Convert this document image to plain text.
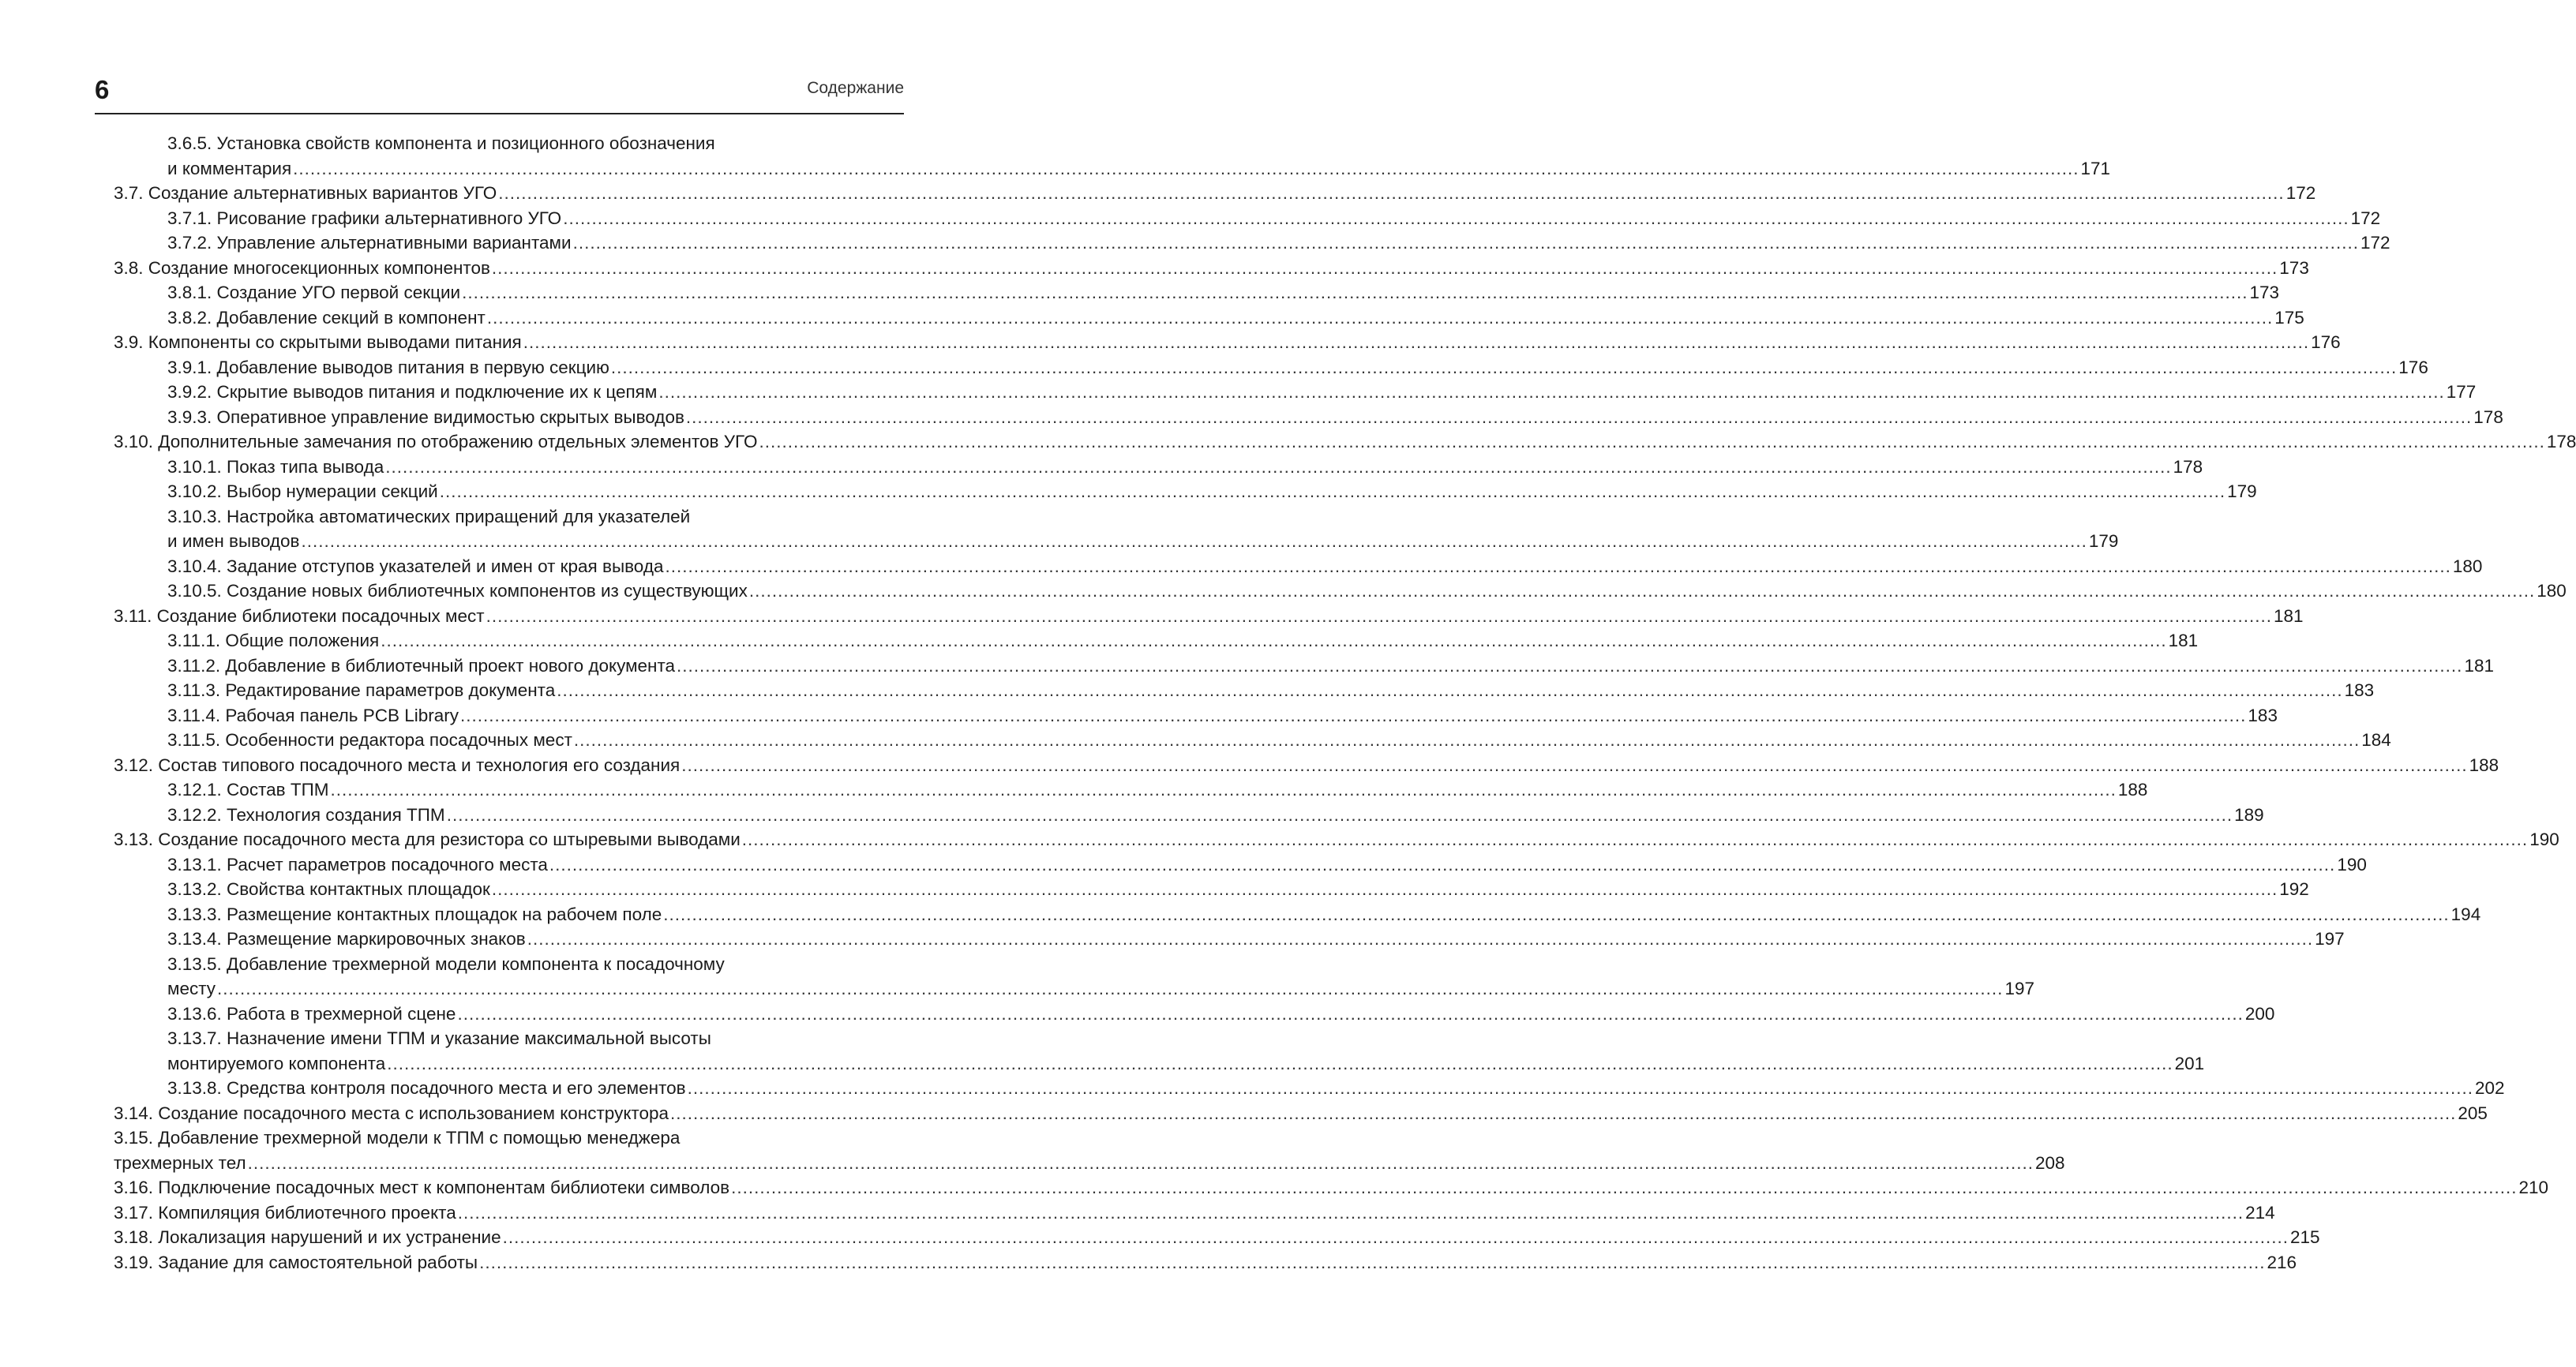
6	Содержание
3.6.5. Установка свойств компонента и позиционного обозначения
и комментария .....	171
3.7. Создание альтернативных вариантов УГО .....	172
3.7.1. Рисование графики альтернативного УГО .....	172
3.7.2. Управление альтернативными вариантами .....	172
3.8. Создание многосекционных компонентов .....	173
3.8.1. Создание УГО первой секции .....	173
3.8.2. Добавление секций в компонент .....	175
3.9. Компоненты со скрытыми выводами питания .....	176
3.9.1. Добавление выводов питания в первую секцию .....	176
3.9.2. Скрытие выводов питания и подключение их к цепям .....	177
3.9.3. Оперативное управление видимостью скрытых выводов .....	178
3.10. Дополнительные замечания по отображению отдельных элементов УГО .....	178
3.10.1. Показ типа вывода .....	178
3.10.2. Выбор нумерации секций .....	179
3.10.3. Настройка автоматических приращений для указателей
и имен выводов .....	179
3.10.4. Задание отступов указателей и имен от края вывода .....	180
3.10.5. Создание новых библиотечных компонентов из существующих .....	180
3.11. Создание библиотеки посадочных мест .....	181
3.11.1. Общие положения .....	181
3.11.2. Добавление в библиотечный проект нового документа .....	181
3.11.3. Редактирование параметров документа .....	183
3.11.4. Рабочая панель PCB Library .....	183
3.11.5. Особенности редактора посадочных мест .....	184
3.12. Состав типового посадочного места и технология его создания .....	188
3.12.1. Состав ТПМ .....	188
3.12.2. Технология создания ТПМ .....	189
3.13. Создание посадочного места для резистора со штыревыми выводами .....	190
3.13.1. Расчет параметров посадочного места .....	190
3.13.2. Свойства контактных площадок .....	192
3.13.3. Размещение контактных площадок на рабочем поле .....	194
3.13.4. Размещение маркировочных знаков .....	197
3.13.5. Добавление трехмерной модели компонента к посадочному
месту .....	197
3.13.6. Работа в трехмерной сцене .....	200
3.13.7. Назначение имени ТПМ и указание максимальной высоты
монтируемого компонента .....	201
3.13.8. Средства контроля посадочного места и его элементов .....	202
3.14. Создание посадочного места с использованием конструктора .....	205
3.15. Добавление трехмерной модели к ТПМ с помощью менеджера
трехмерных тел .....	208
3.16. Подключение посадочных мест к компонентам библиотеки символов .....	210
3.17. Компиляция библиотечного проекта .....	214
3.18. Локализация нарушений и их устранение .....	215
3.19. Задание для самостоятельной работы .....	216
